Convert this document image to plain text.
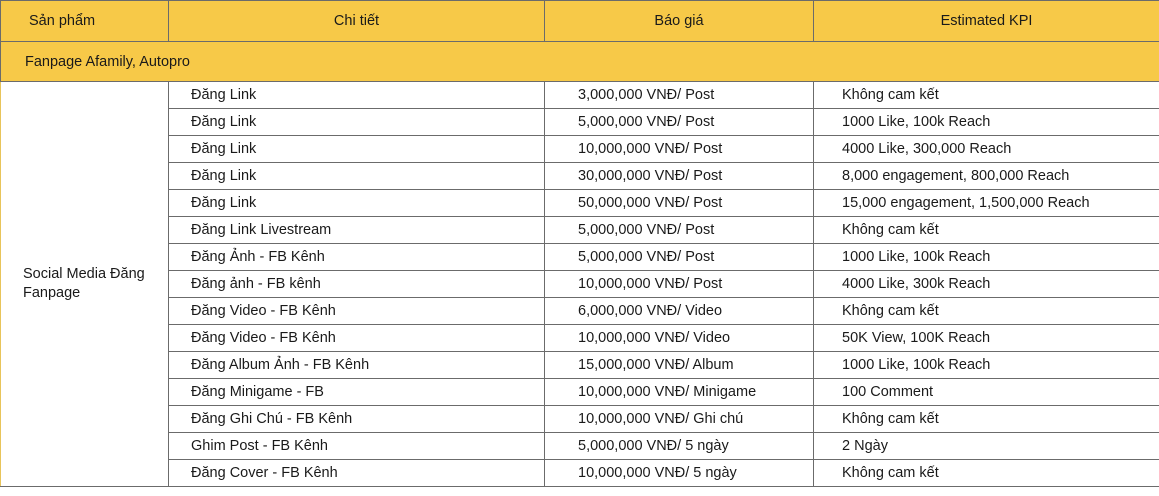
Sản phẩm	Chi tiết	Báo giá	Estimated KPI
Fanpage Afamily, Autopro			
Social Media Đăng Fanpage	Đăng Link	3,000,000 VNĐ/ Post	Không cam kết
	Đăng Link	5,000,000 VNĐ/ Post	1000 Like, 100k Reach
	Đăng Link	10,000,000 VNĐ/ Post	4000 Like, 300,000 Reach
	Đăng Link	30,000,000 VNĐ/ Post	8,000 engagement, 800,000 Reach
	Đăng Link	50,000,000 VNĐ/ Post	15,000 engagement, 1,500,000 Reach
	Đăng Link Livestream	5,000,000 VNĐ/ Post	Không cam kết
	Đăng Ảnh - FB Kênh	5,000,000 VNĐ/ Post	1000 Like, 100k Reach
	Đăng ảnh - FB kênh	10,000,000 VNĐ/ Post	4000 Like, 300k Reach
	Đăng Video - FB Kênh	6,000,000 VNĐ/ Video	Không cam kết
	Đăng Video - FB Kênh	10,000,000 VNĐ/ Video	50K View, 100K Reach
	Đăng Album Ảnh - FB Kênh	15,000,000 VNĐ/ Album	1000 Like, 100k Reach
	Đăng Minigame - FB	10,000,000 VNĐ/ Minigame	100 Comment
	Đăng Ghi Chú - FB Kênh	10,000,000 VNĐ/ Ghi chú	Không cam kết
	Ghim Post - FB Kênh	5,000,000 VNĐ/ 5 ngày	2 Ngày
	Đăng Cover - FB Kênh	10,000,000 VNĐ/ 5 ngày	Không cam kết
